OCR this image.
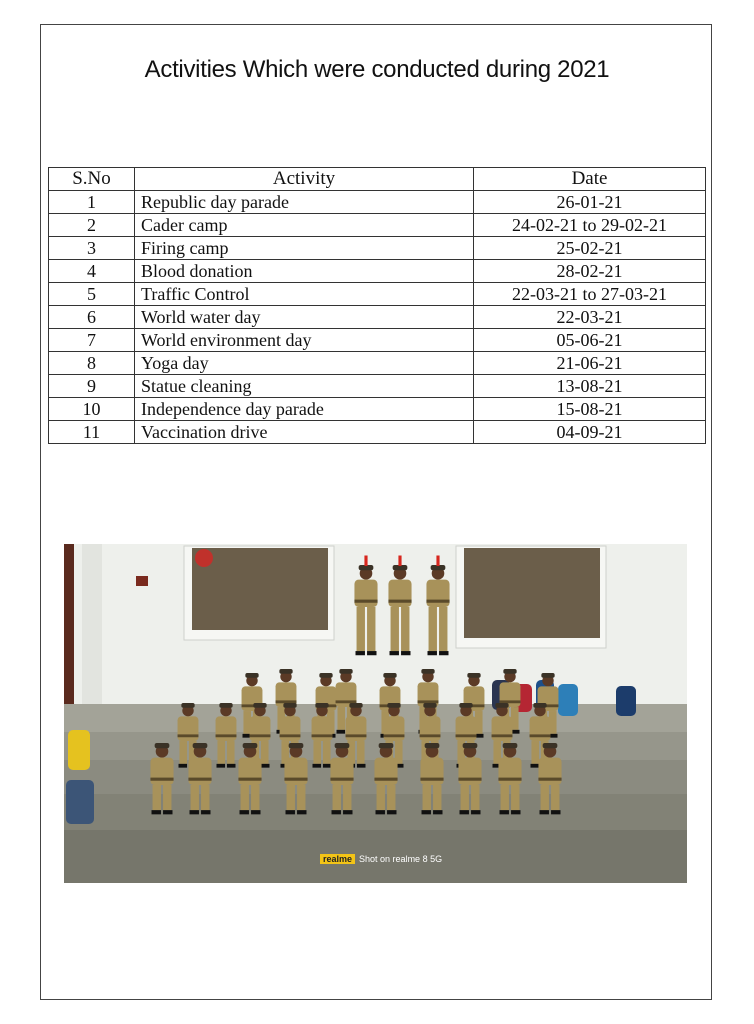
Activities Which were conducted during 2021
S.No	Activity	Date
1	Republic day parade	26-01-21
2	Cader camp	24-02-21 to 29-02-21
3	Firing camp	25-02-21
4	Blood donation	28-02-21
5	Traffic Control	22-03-21 to 27-03-21
6	World water day	22-03-21
7	World environment day	05-06-21
8	Yoga day	21-06-21
9	Statue cleaning	13-08-21
10	Independence day parade	15-08-21
11	Vaccination drive	04-09-21
realme Shot on realme 8 5G
